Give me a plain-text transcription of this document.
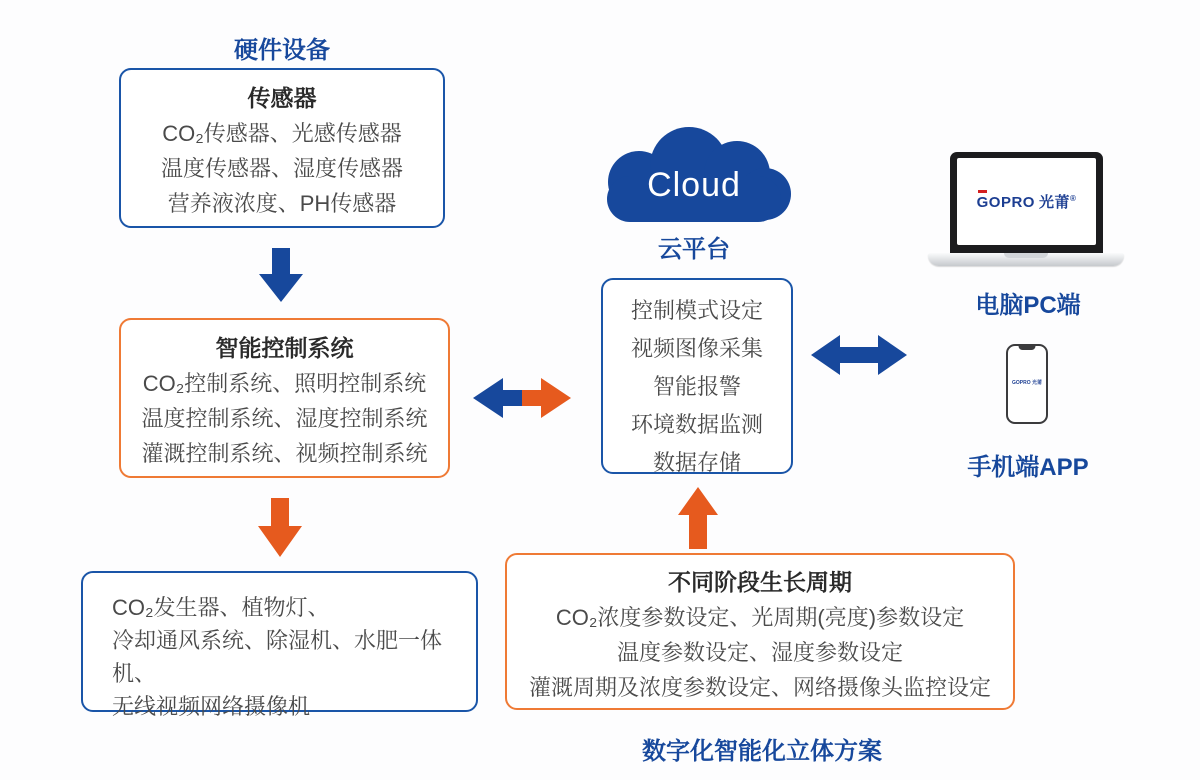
硬件设备
传感器
CO₂传感器、光感传感器
温度传感器、湿度传感器
营养液浓度、PH传感器
智能控制系统
CO₂控制系统、照明控制系统
温度控制系统、湿度控制系统
灌溉控制系统、视频控制系统
CO₂发生器、植物灯、
冷却通风系统、除湿机、水肥一体机、
无线视频网络摄像机
Cloud
云平台
控制模式设定
视频图像采集
智能报警
环境数据监测
数据存储
GOPRO 光莆®
电脑PC端
GOPRO 光莆
手机端APP
不同阶段生长周期
CO₂浓度参数设定、光周期(亮度)参数设定
温度参数设定、湿度参数设定
灌溉周期及浓度参数设定、网络摄像头监控设定
数字化智能化立体方案
